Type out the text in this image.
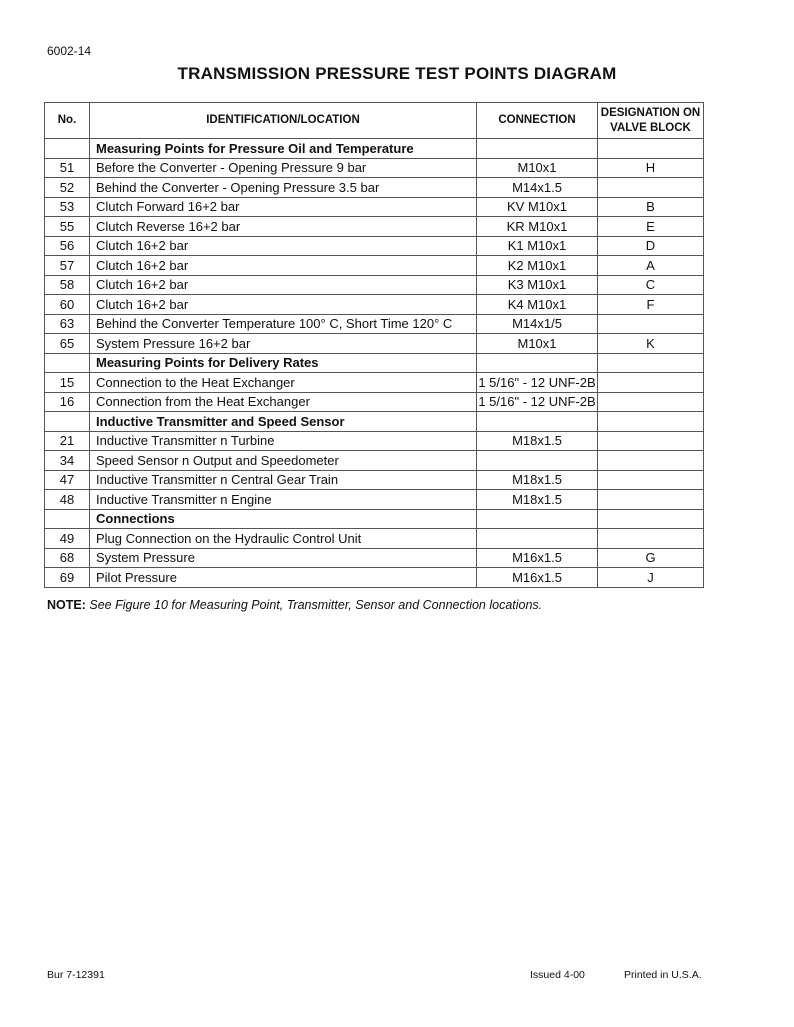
6002-14
TRANSMISSION PRESSURE TEST POINTS DIAGRAM
No.	IDENTIFICATION/LOCATION	CONNECTION	DESIGNATION ON
VALVE BLOCK
	Measuring Points for Pressure Oil and Temperature		
51	Before the Converter - Opening Pressure 9 bar	M10x1	H
52	Behind the Converter - Opening Pressure 3.5 bar	M14x1.5	
53	Clutch Forward 16+2 bar	KV M10x1	B
55	Clutch Reverse 16+2 bar	KR M10x1	E
56	Clutch 16+2 bar	K1 M10x1	D
57	Clutch 16+2 bar	K2 M10x1	A
58	Clutch 16+2 bar	K3 M10x1	C
60	Clutch 16+2 bar	K4 M10x1	F
63	Behind the Converter Temperature 100° C, Short Time 120° C	M14x1/5	
65	System Pressure 16+2 bar	M10x1	K
	Measuring Points for Delivery Rates		
15	Connection to the Heat Exchanger	1 5/16" - 12 UNF-2B	
16	Connection from the Heat Exchanger	1 5/16" - 12 UNF-2B	
	Inductive Transmitter and Speed Sensor		
21	Inductive Transmitter n Turbine	M18x1.5	
34	Speed Sensor n Output and Speedometer		
47	Inductive Transmitter n Central Gear Train	M18x1.5	
48	Inductive Transmitter n Engine	M18x1.5	
	Connections		
49	Plug Connection on the Hydraulic Control Unit		
68	System Pressure	M16x1.5	G
69	Pilot Pressure	M16x1.5	J
NOTE: See Figure 10 for Measuring Point, Transmitter, Sensor and Connection locations.
Bur 7-12391	Issued 4-00	Printed in U.S.A.
